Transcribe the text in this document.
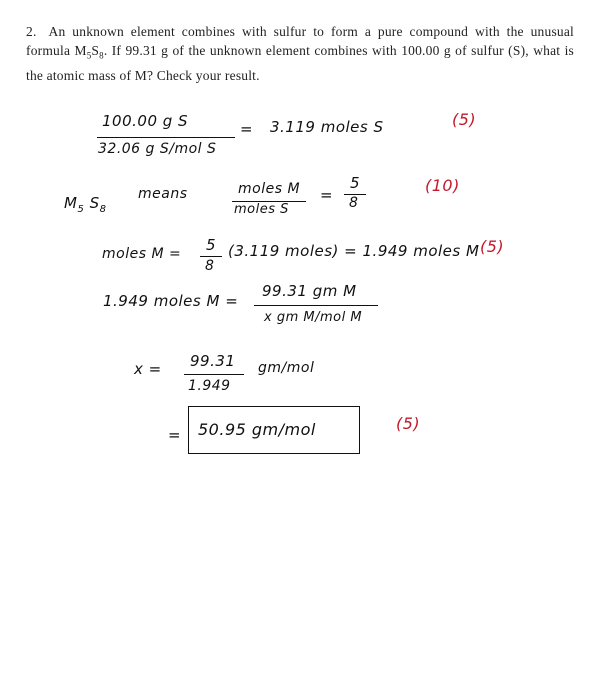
2. An unknown element combines with sulfur to form a pure compound with the unusual formula $M_5S_8$. If 99.31 g of the unknown element combines with 100.00 g of sulfur (S), what is the atomic mass of M? Check your result.
100.00 g S
32.06 g S/mol S
= 3.119 moles S	(5)
$M_5$ $S_8$
means	moles M
moles S
=
5
8
(10)
moles M = 5
8
(3.119 moles) = 1.949 moles M (5)
1.949 moles M =
99.31 gm M
x gm M/mol M
x = 99.31
1.949
gm/mol
= 50.95 gm/mol	(5)
